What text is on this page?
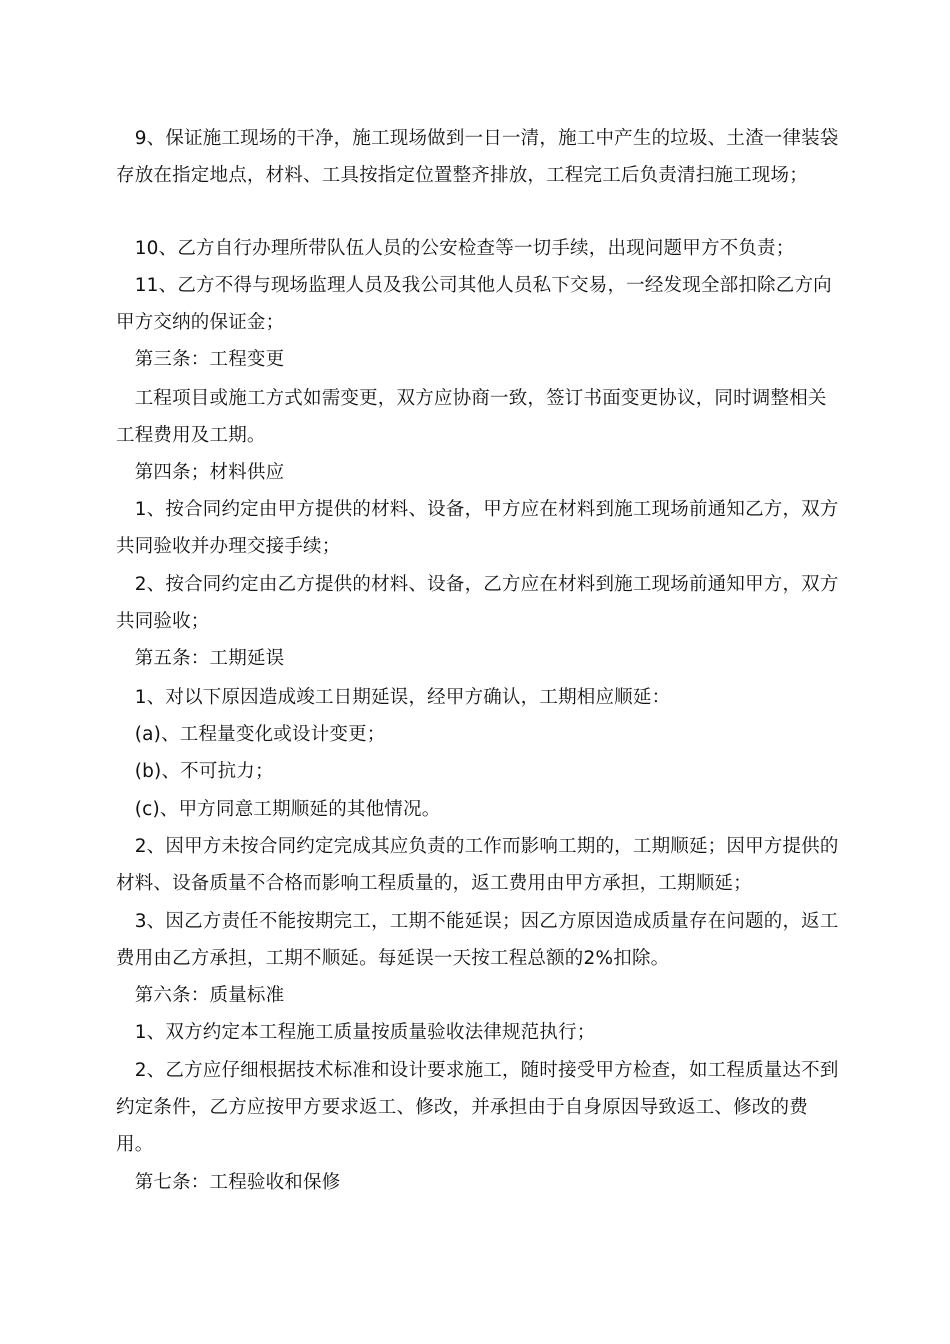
　9、保证施工现场的干净，施工现场做到一日一清，施工中产生的垃圾、土渣一律装袋存放在指定地点，材料、工具按指定位置整齐排放，工程完工后负责清扫施工现场；
　10、乙方自行办理所带队伍人员的公安检查等一切手续，出现问题甲方不负责；
　11、乙方不得与现场监理人员及我公司其他人员私下交易，一经发现全部扣除乙方向甲方交纳的保证金；
　第三条：工程变更
　工程项目或施工方式如需变更，双方应协商一致，签订书面变更协议，同时调整相关工程费用及工期。
　第四条；材料供应
　1、按合同约定由甲方提供的材料、设备，甲方应在材料到施工现场前通知乙方，双方共同验收并办理交接手续；
　2、按合同约定由乙方提供的材料、设备，乙方应在材料到施工现场前通知甲方，双方共同验收；
　第五条：工期延误
　1、对以下原因造成竣工日期延误，经甲方确认，工期相应顺延：
　(a)、工程量变化或设计变更；
　(b)、不可抗力；
　(c)、甲方同意工期顺延的其他情况。
　2、因甲方未按合同约定完成其应负责的工作而影响工期的，工期顺延；因甲方提供的材料、设备质量不合格而影响工程质量的，返工费用由甲方承担，工期顺延；
　3、因乙方责任不能按期完工，工期不能延误；因乙方原因造成质量存在问题的，返工费用由乙方承担，工期不顺延。每延误一天按工程总额的2%扣除。
　第六条：质量标准
　1、双方约定本工程施工质量按质量验收法律规范执行；
　2、乙方应仔细根据技术标准和设计要求施工，随时接受甲方检查，如工程质量达不到约定条件，乙方应按甲方要求返工、修改，并承担由于自身原因导致返工、修改的费用。
　第七条：工程验收和保修
